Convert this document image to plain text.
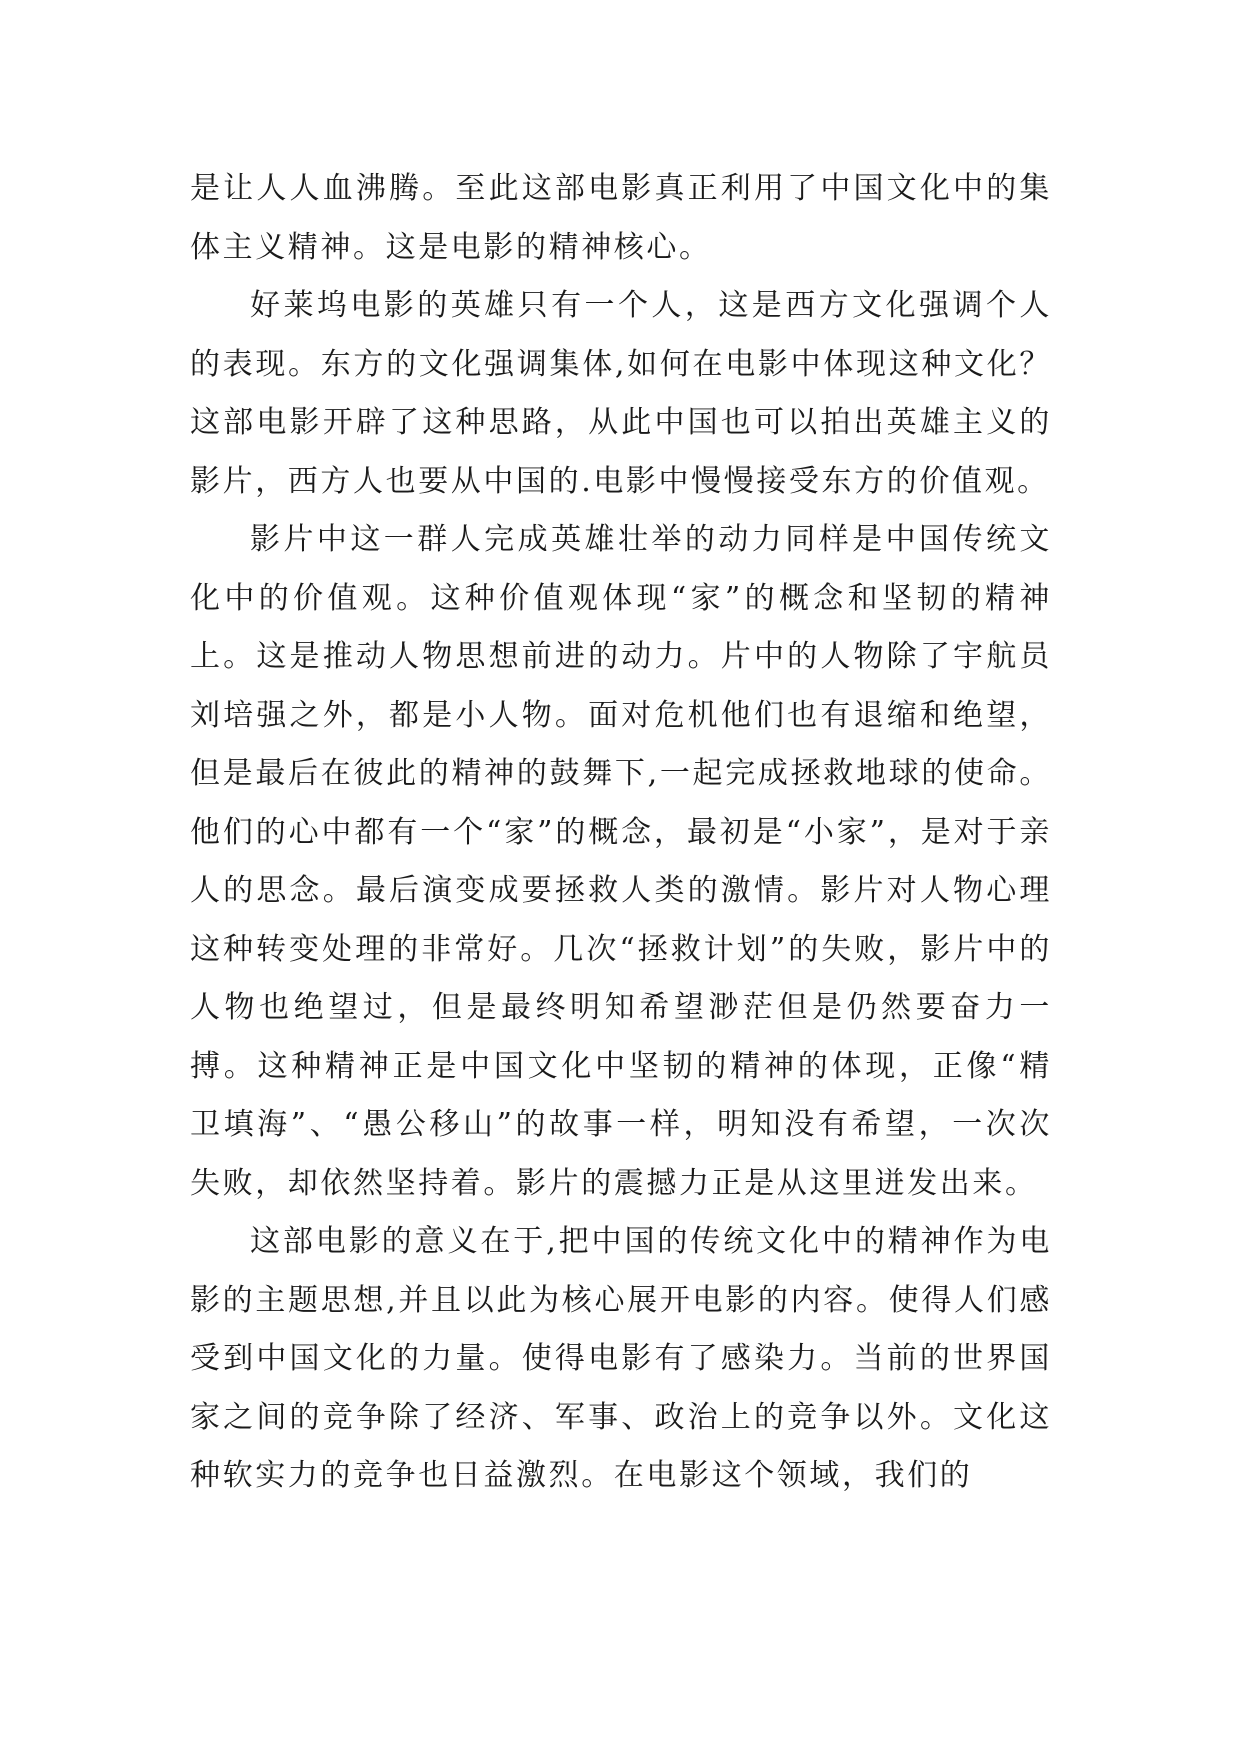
是让人人血沸腾。至此这部电影真正利用了中国文化中的集体主义精神。这是电影的精神核心。

好莱坞电影的英雄只有一个人，这是西方文化强调个人的表现。东方的文化强调集体,如何在电影中体现这种文化？这部电影开辟了这种思路，从此中国也可以拍出英雄主义的影片，西方人也要从中国的.电影中慢慢接受东方的价值观。

影片中这一群人完成英雄壮举的动力同样是中国传统文化中的价值观。这种价值观体现“家”的概念和坚韧的精神上。这是推动人物思想前进的动力。片中的人物除了宇航员刘培强之外，都是小人物。面对危机他们也有退缩和绝望，但是最后在彼此的精神的鼓舞下,一起完成拯救地球的使命。他们的心中都有一个“家”的概念，最初是“小家”，是对于亲人的思念。最后演变成要拯救人类的激情。影片对人物心理这种转变处理的非常好。几次“拯救计划”的失败，影片中的人物也绝望过，但是最终明知希望渺茫但是仍然要奋力一搏。这种精神正是中国文化中坚韧的精神的体现，正像“精卫填海”、“愚公移山”的故事一样，明知没有希望，一次次失败，却依然坚持着。影片的震撼力正是从这里迸发出来。

这部电影的意义在于,把中国的传统文化中的精神作为电影的主题思想,并且以此为核心展开电影的内容。使得人们感受到中国文化的力量。使得电影有了感染力。当前的世界国家之间的竞争除了经济、军事、政治上的竞争以外。文化这种软实力的竞争也日益激烈。在电影这个领域，我们的
